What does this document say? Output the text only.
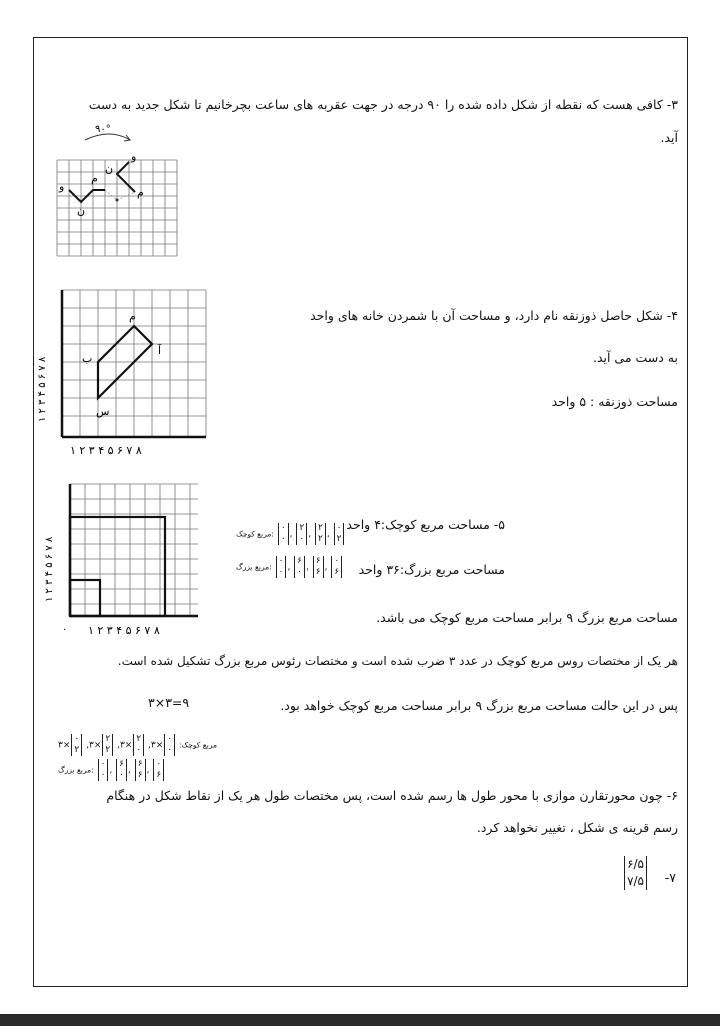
۳- کافی هست که نقطه از شکل داده شده را ۹۰ درجه در جهت عقربه های ساعت بچرخانیم تا شکل جدید به دست
آید.
۹۰°
و
ن
م
و
ن
م
۴- شکل حاصل ذوزنقه نام دارد، و مساحت آن با شمردن خانه های واحد
به دست می آید.
مساحت ذوزنقه : ۵ واحد
م
آ
ب
س
۱ ۲ ۳ ۴ ۵ ۶ ۷ ۸
۱ ۲ ۳ ۴ ۵ ۶ ۷ ۸
۱ ۲ ۳ ۴ ۵ ۶ ۷ ۸
۰
۱ ۲ ۳ ۴ ۵ ۶ ۷ ۸
۵- مساحت مربع کوچک:۴ واحد
مساحت مربع بزرگ:۳۶ واحد
مربع کوچک:
۰
۰ ,
۲
۰ ,
۲
۲ ,
۰
۲
مربع بزرگ:
۰
۰ ,
۶
۰ ,
۶
۶ ,
۰
۶
مساحت مربع بزرگ ۹ برابر مساحت مربع کوچک می باشد.
هر یک از مختصات روس مربع کوچک در عدد ۳ ضرب شده است و مختصات رئوس مربع بزرگ تشکیل شده است.
پس در این حالت مساحت مربع بزرگ ۹ برابر مساحت مربع کوچک خواهد بود.
۳×۳=۹
مربع کوچک:
۰
۰
×۳,
۲
۰
×۳,
۲
۲
×۳,
۰
۲
×۳
مربع بزرگ:
۰
۰ ,
۶
۰ ,
۶
۶ ,
۰
۶
۶- چون محورتقارن موازی با محور طول ها رسم شده است، پس مختصات طول هر یک از نقاط شکل در هنگام
رسم قرینه ی شکل ، تغییر نخواهد کرد.
-۷
۶/۵
۷/۵
